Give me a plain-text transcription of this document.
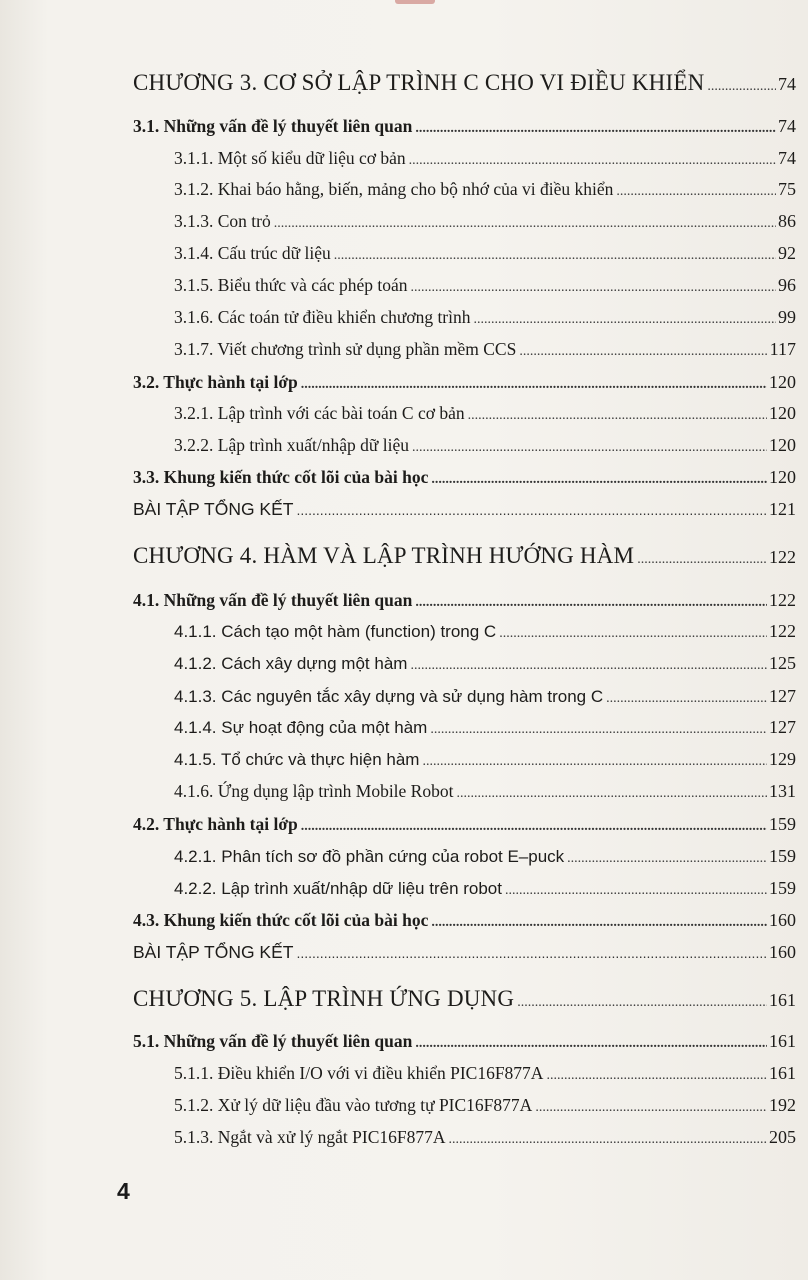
CHƯƠNG 3. CƠ SỞ LẬP TRÌNH C CHO VI ĐIỀU KHIỂN .....	74
3.1. Những vấn đề lý thuyết liên quan .....	74
3.1.1. Một số kiểu dữ liệu cơ bản .....	74
3.1.2. Khai báo hằng, biến, mảng cho bộ nhớ của vi điều khiển .....	75
3.1.3. Con trỏ .....	86
3.1.4. Cấu trúc dữ liệu .....	92
3.1.5. Biểu thức và các phép toán .....	96
3.1.6. Các toán tử điều khiển chương trình .....	99
3.1.7. Viết chương trình sử dụng phần mềm CCS .....	117
3.2. Thực hành tại lớp .....	120
3.2.1. Lập trình với các bài toán C cơ bản .....	120
3.2.2. Lập trình xuất/nhập dữ liệu .....	120
3.3. Khung kiến thức cốt lõi của bài học .....	120
BÀI TẬP TỔNG KẾT .....	121
CHƯƠNG 4. HÀM VÀ LẬP TRÌNH HƯỚNG HÀM .....	122
4.1. Những vấn đề lý thuyết liên quan .....	122
4.1.1. Cách tạo một hàm (function) trong C .....	122
4.1.2. Cách xây dựng một hàm .....	125
4.1.3. Các nguyên tắc xây dựng và sử dụng hàm trong C .....	127
4.1.4. Sự hoạt động của một hàm .....	127
4.1.5. Tổ chức và thực hiện hàm .....	129
4.1.6. Ứng dụng lập trình Mobile Robot .....	131
4.2. Thực hành tại lớp .....	159
4.2.1. Phân tích sơ đồ phần cứng của robot E–puck .....	159
4.2.2. Lập trình xuất/nhập dữ liệu trên robot .....	159
4.3. Khung kiến thức cốt lõi của bài học .....	160
BÀI TẬP TỔNG KẾT .....	160
CHƯƠNG 5. LẬP TRÌNH ỨNG DỤNG .....	161
5.1. Những vấn đề lý thuyết liên quan .....	161
5.1.1. Điều khiển I/O với vi điều khiển PIC16F877A .....	161
5.1.2. Xử lý dữ liệu đầu vào tương tự PIC16F877A .....	192
5.1.3. Ngắt và xử lý ngắt PIC16F877A .....	205
4
